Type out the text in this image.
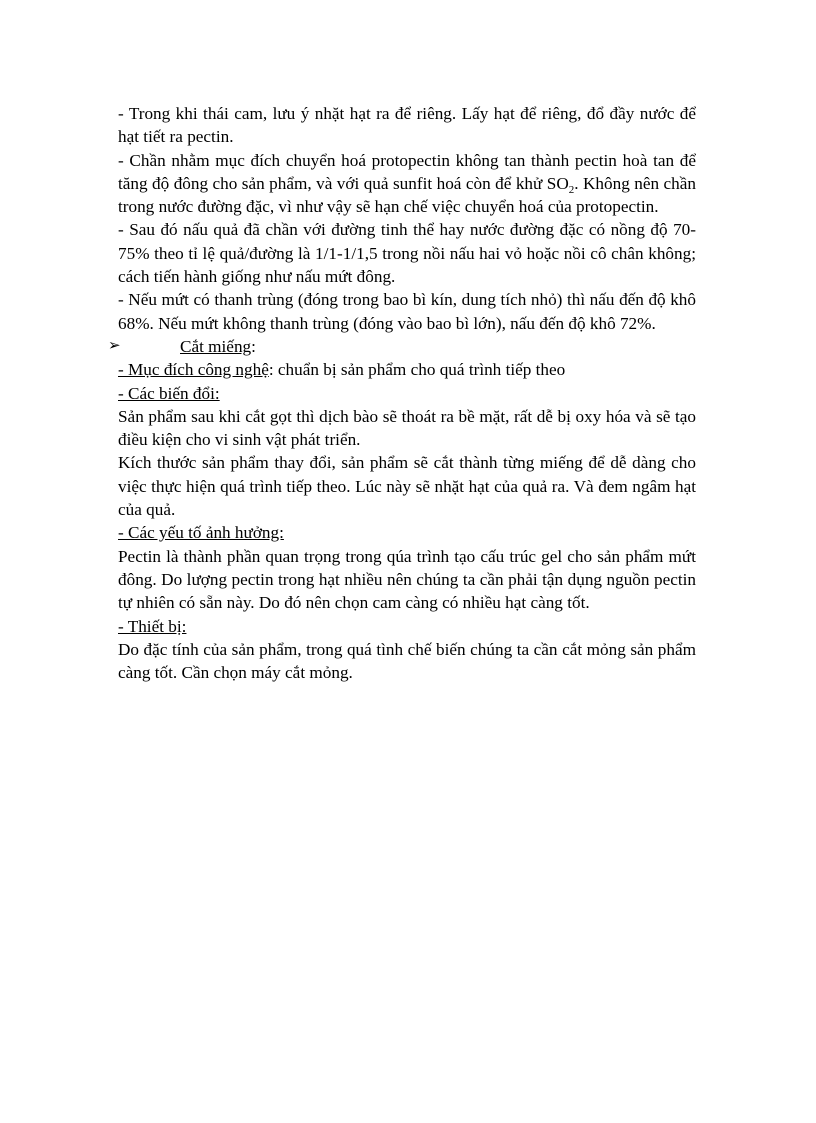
- Trong khi thái cam, lưu ý nhặt hạt ra để riêng. Lấy hạt để riêng, đổ đầy nước để hạt tiết ra pectin.

- Chần nhằm mục đích chuyển hoá protopectin không tan thành pectin hoà tan để tăng độ đông cho sản phẩm, và với quả sunfit hoá còn để khử $SO_2$. Không nên chần trong nước đường đặc, vì như vậy sẽ hạn chế việc chuyển hoá của protopectin.

- Sau đó nấu quả đã chần với đường tinh thể hay nước đường đặc có nồng độ 70-75% theo tỉ lệ quả/đường là 1/1-1/1,5 trong nồi nấu hai vỏ hoặc nồi cô chân không; cách tiến hành giống như nấu mứt đông.

- Nếu mứt có thanh trùng (đóng trong bao bì kín, dung tích nhỏ) thì nấu đến độ khô 68%. Nếu mứt không thanh trùng (đóng vào bao bì lớn), nấu đến độ khô 72%.

➢	Cắt miếng:

- Mục đích công nghệ: chuẩn bị sản phẩm cho quá trình tiếp theo

- Các biến đổi:

Sản phẩm sau khi cắt gọt thì dịch bào sẽ thoát ra bề mặt, rất dễ bị oxy hóa và sẽ tạo điều kiện cho vi sinh vật phát triển.

Kích thước sản phẩm thay đổi, sản phẩm sẽ cắt thành từng miếng để dễ dàng cho việc thực hiện quá trình tiếp theo. Lúc này sẽ nhặt hạt của quả ra. Và đem ngâm hạt của quả.

- Các yếu tố ảnh hưởng:

Pectin là thành phần quan trọng trong qúa trình tạo cấu trúc gel cho sản phẩm mứt đông. Do lượng pectin trong hạt nhiều nên chúng ta cần phải tận dụng nguồn pectin tự nhiên có sẵn này. Do đó nên chọn cam càng có nhiều hạt càng tốt.

- Thiết bị:

Do đặc tính của sản phẩm, trong quá tình chế biến chúng ta cần cắt mỏng sản phẩm càng tốt. Cần chọn máy cắt mỏng.
